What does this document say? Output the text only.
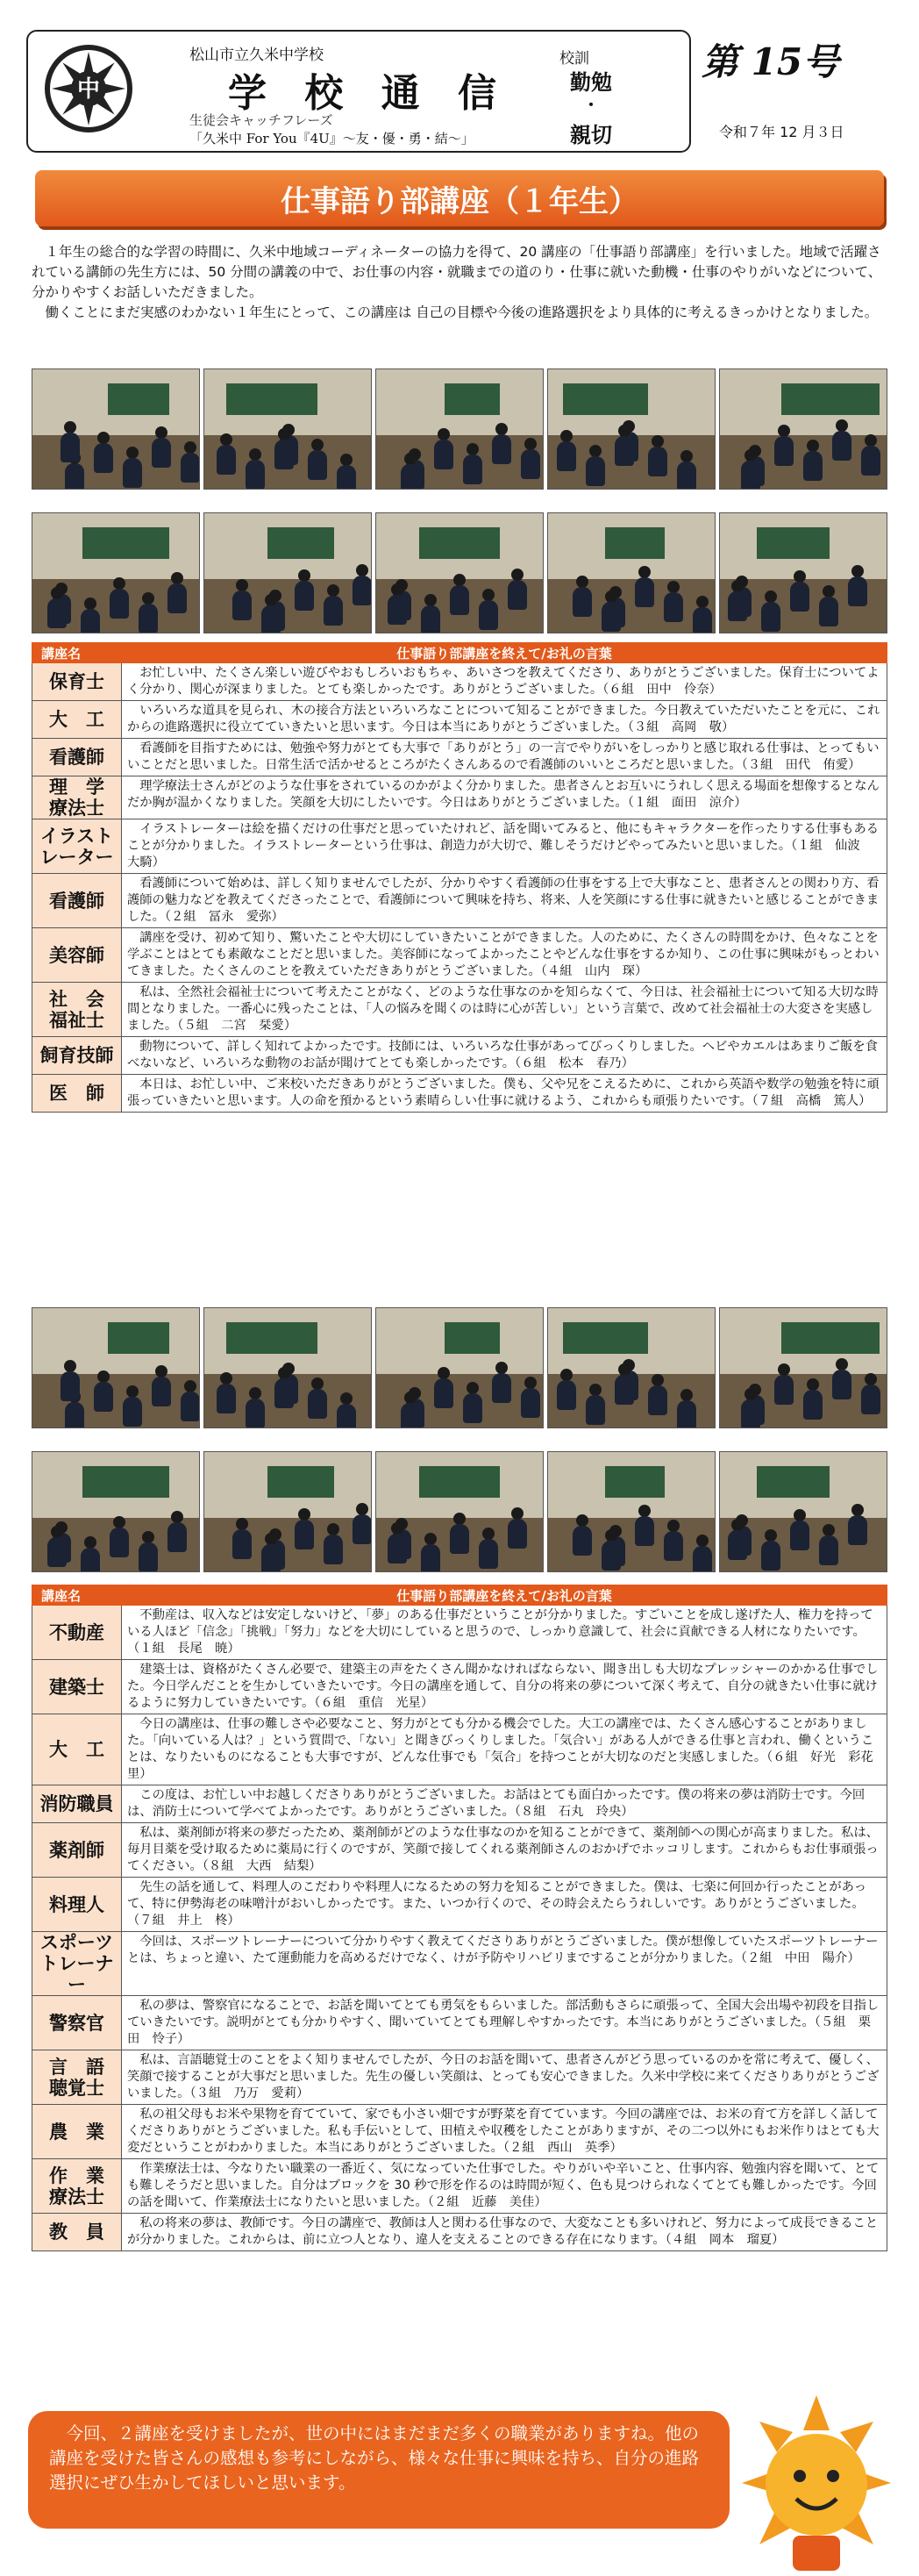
中
松山市立久米中学校
学 校 通 信
生徒会キャッチフレーズ
「久米中 For You『4U』〜友・優・勇・結〜」
校訓
勤勉
・
親切
第 15号
令和７年 12 月３日
仕事語り部講座（１年生）

１年生の総合的な学習の時間に、久米中地域コーディネーターの協力を得て、20 講座の「仕事語り部講座」を行いました。地域で活躍されている講師の先生方には、50 分間の講義の中で、お仕事の内容・就職までの道のり・仕事に就いた動機・仕事のやりがいなどについて、分かりやすくお話しいただきました。

働くことにまだ実感のわかない１年生にとって、この講座は 自己の目標や今後の進路選択をより具体的に考えるきっかけとなりました。

講座名	仕事語り部講座を終えて/お礼の言葉
保育士	お忙しい中、たくさん楽しい遊びやおもしろいおもちゃ、あいさつを教えてくださり、ありがとうございました。保育士についてよく分かり、関心が深まりました。とても楽しかったです。ありがとうございました。（６組　田中　伶奈）
大　工	いろいろな道具を見られ、木の接合方法といろいろなことについて知ることができました。今日教えていただいたことを元に、これからの進路選択に役立てていきたいと思います。今日は本当にありがとうございました。（３組　高岡　敬）
看護師	看護師を目指すためには、勉強や努力がとても大事で「ありがとう」の一言でやりがいをしっかりと感じ取れる仕事は、とってもいいことだと思いました。日常生活で活かせるところがたくさんあるので看護師のいいところだと思いました。（３組　田代　侑愛）
理　学
療法士	理学療法士さんがどのような仕事をされているのかがよく分かりました。患者さんとお互いにうれしく思える場面を想像するとなんだか胸が温かくなりました。笑顔を大切にしたいです。今日はありがとうございました。（１組　面田　涼介）
イラスト
レーター	イラストレーターは絵を描くだけの仕事だと思っていたけれど、話を聞いてみると、他にもキャラクターを作ったりする仕事もあることが分かりました。イラストレーターという仕事は、創造力が大切で、難しそうだけどやってみたいと思いました。（１組　仙波　大騎）
看護師	看護師について始めは、詳しく知りませんでしたが、分かりやすく看護師の仕事をする上で大事なこと、患者さんとの関わり方、看護師の魅力などを教えてくださったことで、看護師について興味を持ち、将来、人を笑顔にする仕事に就きたいと感じることができました。（２組　冨永　愛弥）
美容師	講座を受け、初めて知り、驚いたことや大切にしていきたいことができました。人のために、たくさんの時間をかけ、色々なことを学ぶことはとても素敵なことだと思いました。美容師になってよかったことやどんな仕事をするか知り、この仕事に興味がもっとわいてきました。たくさんのことを教えていただきありがとうございました。（４組　山内　琛）
社　会
福祉士	私は、全然社会福祉士について考えたことがなく、どのような仕事なのかを知らなくて、今日は、社会福祉士について知る大切な時間となりました。一番心に残ったことは、「人の悩みを聞くのは時に心が苦しい」という言葉で、改めて社会福祉士の大変さを実感しました。（５組　二宮　栞愛）
飼育技師	動物について、詳しく知れてよかったです。技師には、いろいろな仕事があってびっくりしました。ヘビやカエルはあまりご飯を食べないなど、いろいろな動物のお話が聞けてとても楽しかったです。（６組　松本　春乃）
医　師	本日は、お忙しい中、ご来校いただきありがとうございました。僕も、父や兄をこえるために、これから英語や数学の勉強を特に頑張っていきたいと思います。人の命を預かるという素晴らしい仕事に就けるよう、これからも頑張りたいです。（７組　高橋　篤人）
講座名	仕事語り部講座を終えて/お礼の言葉
不動産	不動産は、収入などは安定しないけど、「夢」のある仕事だということが分かりました。すごいことを成し遂げた人、権力を持っている人ほど「信念」「挑戦」「努力」などを大切にしていると思うので、しっかり意識して、社会に貢献できる人材になりたいです。（１組　長尾　暁）
建築士	建築士は、資格がたくさん必要で、建築主の声をたくさん聞かなければならない、聞き出しも大切なプレッシャーのかかる仕事でした。今日学んだことを生かしていきたいです。今日の講座を通して、自分の将来の夢について深く考えて、自分の就きたい仕事に就けるように努力していきたいです。（６組　重信　光星）
大　工	今日の講座は、仕事の難しさや必要なこと、努力がとても分かる機会でした。大工の講座では、たくさん感心することがありました。「向いている人は？」という質問で、「ない」と聞きびっくりしました。「気合い」がある人ができる仕事と言われ、働くということは、なりたいものになることも大事ですが、どんな仕事でも「気合」を持つことが大切なのだと実感しました。（６組　好光　彩花里）
消防職員	この度は、お忙しい中お越しくださりありがとうございました。お話はとても面白かったです。僕の将来の夢は消防士です。今回は、消防士について学べてよかったです。ありがとうございました。（８組　石丸　玲央）
薬剤師	私は、薬剤師が将来の夢だったため、薬剤師がどのような仕事なのかを知ることができて、薬剤師への関心が高まりました。私は、毎月目薬を受け取るために薬局に行くのですが、笑顔で接してくれる薬剤師さんのおかげでホッコリします。これからもお仕事頑張ってください。（８組　大西　結梨）
料理人	先生の話を通して、料理人のこだわりや料理人になるための努力を知ることができました。僕は、七楽に何回か行ったことがあって、特に伊勢海老の味噌汁がおいしかったです。また、いつか行くので、その時会えたらうれしいです。ありがとうございました。（７組　井上　柊）
スポーツ
トレーナー	今回は、スポーツトレーナーについて分かりやすく教えてくださりありがとうございました。僕が想像していたスポーツトレーナーとは、ちょっと違い、たて運動能力を高めるだけでなく、けが予防やリハビリまですることが分かりました。（２組　中田　陽介）
警察官	私の夢は、警察官になることで、お話を聞いてとても勇気をもらいました。部活動もさらに頑張って、全国大会出場や初段を目指していきたいです。説明がとても分かりやすく、聞いていてとても理解しやすかったです。本当にありがとうございました。（５組　栗田　怜子）
言　語
聴覚士	私は、言語聴覚士のことをよく知りませんでしたが、今日のお話を聞いて、患者さんがどう思っているのかを常に考えて、優しく、笑顔で接することが大事だと思いました。先生の優しい笑顔は、とっても安心できました。久米中学校に来てくださりありがとうございました。（３組　乃万　愛莉）
農　業	私の祖父母もお米や果物を育てていて、家でも小さい畑ですが野菜を育てています。今回の講座では、お米の育て方を詳しく話してくださりありがとうございました。私も手伝いとして、田植えや収穫をしたことがありますが、その二つ以外にもお米作りはとても大変だということがわかりました。本当にありがとうございました。（２組　西山　英季）
作　業
療法士	作業療法士は、今なりたい職業の一番近く、気になっていた仕事でした。やりがいや辛いこと、仕事内容、勉強内容を聞いて、とても難しそうだと思いました。自分はブロックを 30 秒で形を作るのは時間が短く、色も見つけられなくてとても難しかったです。今回の話を聞いて、作業療法士になりたいと思いました。（２組　近藤　美佳）
教　員	私の将来の夢は、教師です。今日の講座で、教師は人と関わる仕事なので、大変なことも多いけれど、努力によって成長できることが分かりました。これからは、前に立つ人となり、違人を支えることのできる存在になります。（４組　岡本　瑠夏）

今回、２講座を受けましたが、世の中にはまだまだ多くの職業がありますね。他の講座を受けた皆さんの感想も参考にしながら、様々な仕事に興味を持ち、自分の進路選択にぜひ生かしてほしいと思います。
